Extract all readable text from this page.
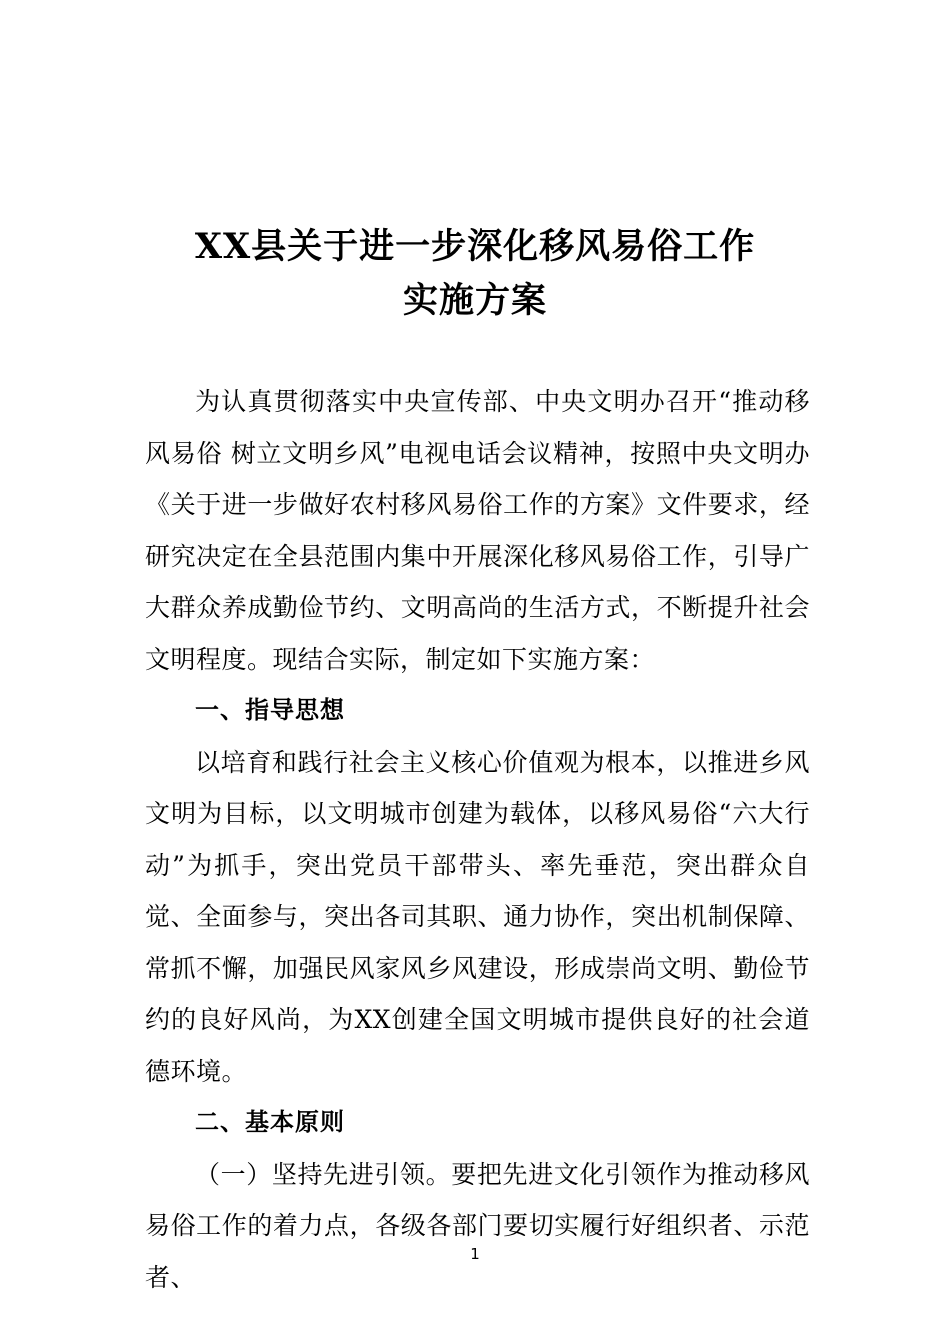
XX县关于进一步深化移风易俗工作
实施方案

为认真贯彻落实中央宣传部、中央文明办召开“推动移风易俗 树立文明乡风”电视电话会议精神，按照中央文明办《关于进一步做好农村移风易俗工作的方案》文件要求，经研究决定在全县范围内集中开展深化移风易俗工作，引导广大群众养成勤俭节约、文明高尚的生活方式，不断提升社会文明程度。现结合实际，制定如下实施方案：

一、指导思想

以培育和践行社会主义核心价值观为根本，以推进乡风文明为目标，以文明城市创建为载体，以移风易俗“六大行动”为抓手，突出党员干部带头、率先垂范，突出群众自觉、全面参与，突出各司其职、通力协作，突出机制保障、常抓不懈，加强民风家风乡风建设，形成崇尚文明、勤俭节约的良好风尚，为XX创建全国文明城市提供良好的社会道德环境。

二、基本原则

（一）坚持先进引领。要把先进文化引领作为推动移风易俗工作的着力点，各级各部门要切实履行好组织者、示范者、

1
